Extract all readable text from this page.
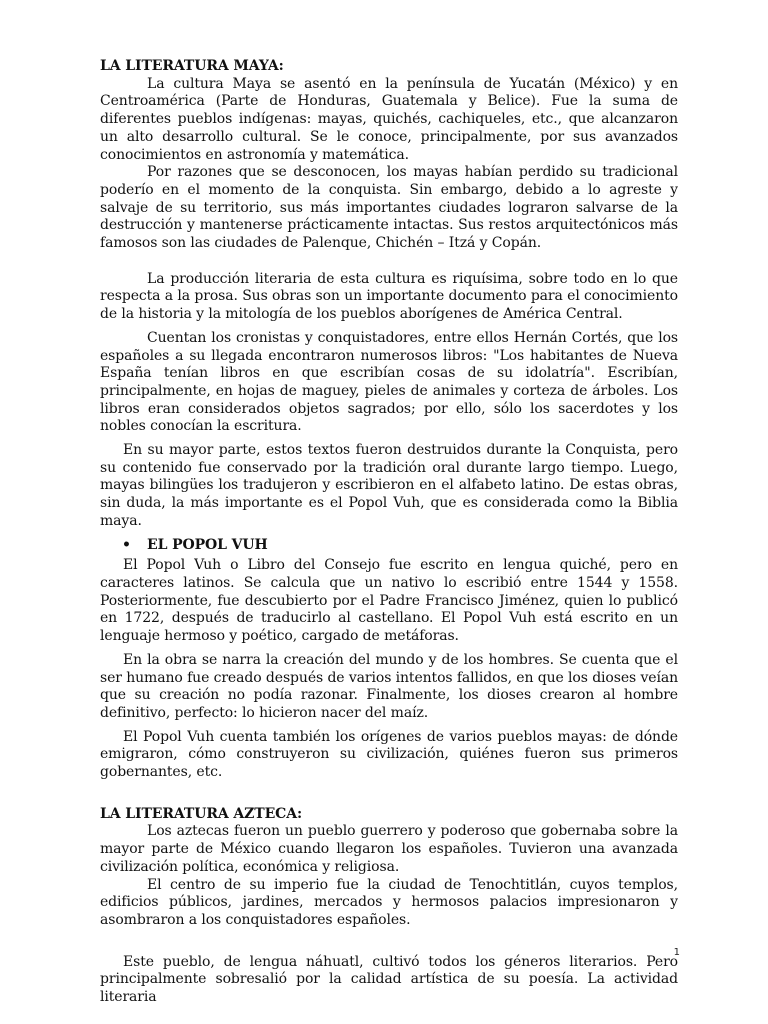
LA LITERATURA MAYA:

La cultura Maya se asentó en la península de Yucatán (México) y en Centroamérica (Parte de Honduras, Guatemala y Belice). Fue la suma de diferentes pueblos indígenas: mayas, quichés, cachiqueles, etc., que alcanzaron un alto desarrollo cultural. Se le conoce, principalmente, por sus avanzados conocimientos en astronomía y matemática.

Por razones que se desconocen, los mayas habían perdido su tradicional poderío en el momento de la conquista. Sin embargo, debido a lo agreste y salvaje de su territorio, sus más importantes ciudades lograron salvarse de la destrucción y mantenerse prácticamente intactas. Sus restos arquitectónicos más famosos son las ciudades de Palenque, Chichén – Itzá y Copán.

La producción literaria de esta cultura es riquísima, sobre todo en lo que respecta a la prosa. Sus obras son un importante documento para el conocimiento de la historia y la mitología de los pueblos aborígenes de América Central.

Cuentan los cronistas y conquistadores, entre ellos Hernán Cortés, que los españoles a su llegada encontraron numerosos libros: "Los habitantes de Nueva España tenían libros en que escribían cosas de su idolatría". Escribían, principalmente, en hojas de maguey, pieles de animales y corteza de árboles. Los libros eran considerados objetos sagrados; por ello, sólo los sacerdotes y los nobles conocían la escritura.

En su mayor parte, estos textos fueron destruidos durante la Conquista, pero su contenido fue conservado por la tradición oral durante largo tiempo. Luego, mayas bilingües los tradujeron y escribieron en el alfabeto latino. De estas obras, sin duda, la más importante es el Popol Vuh, que es considerada como la Biblia maya.

•	EL POPOL VUH

El Popol Vuh o Libro del Consejo fue escrito en lengua quiché, pero en caracteres latinos. Se calcula que un nativo lo escribió entre 1544 y 1558. Posteriormente, fue descubierto por el Padre Francisco Jiménez, quien lo publicó en 1722, después de traducirlo al castellano. El Popol Vuh está escrito en un lenguaje hermoso y poético, cargado de metáforas.

En la obra se narra la creación del mundo y de los hombres. Se cuenta que el ser humano fue creado después de varios intentos fallidos, en que los dioses veían que su creación no podía razonar. Finalmente, los dioses crearon al hombre definitivo, perfecto: lo hicieron nacer del maíz.

El Popol Vuh cuenta también los orígenes de varios pueblos mayas: de dónde emigraron, cómo construyeron su civilización, quiénes fueron sus primeros gobernantes, etc.

LA LITERATURA AZTECA:

Los aztecas fueron un pueblo guerrero y poderoso que gobernaba sobre la mayor parte de México cuando llegaron los españoles. Tuvieron una avanzada civilización política, económica y religiosa.

El centro de su imperio fue la ciudad de Tenochtitlán, cuyos templos, edificios públicos, jardines, mercados y hermosos palacios impresionaron y asombraron a los conquistadores españoles.

Este pueblo, de lengua náhuatl, cultivó todos los géneros literarios. Pero principalmente sobresalió por la calidad artística de su poesía. La actividad literaria

1
